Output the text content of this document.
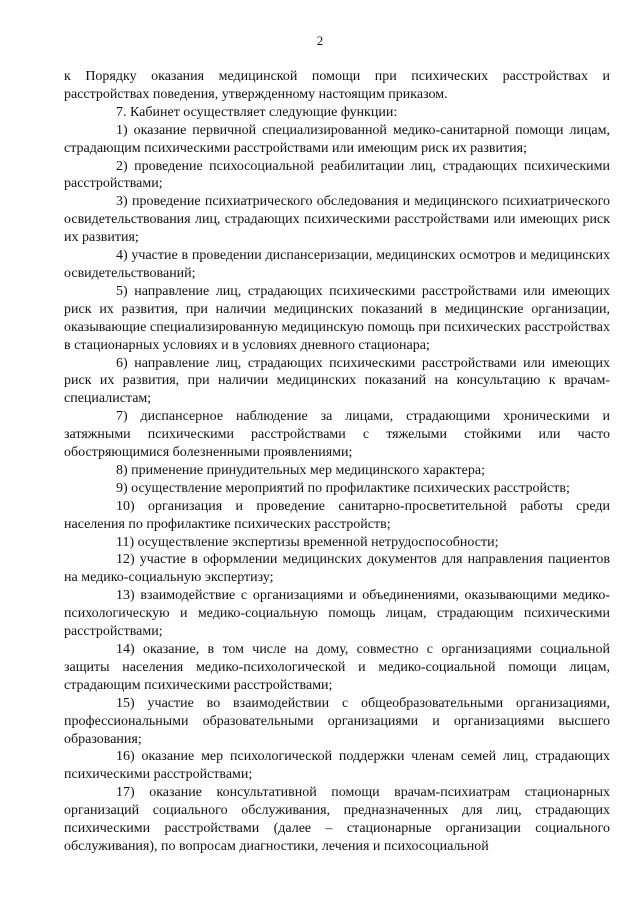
2

к Порядку оказания медицинской помощи при психических расстройствах и расстройствах поведения, утвержденному настоящим приказом.

7. Кабинет осуществляет следующие функции:

1) оказание первичной специализированной медико-санитарной помощи лицам, страдающим психическими расстройствами или имеющим риск их развития;

2) проведение психосоциальной реабилитации лиц, страдающих психическими расстройствами;

3) проведение психиатрического обследования и медицинского психиатрического освидетельствования лиц, страдающих психическими расстройствами или имеющих риск их развития;

4) участие в проведении диспансеризации, медицинских осмотров и медицинских освидетельствований;

5) направление лиц, страдающих психическими расстройствами или имеющих риск их развития, при наличии медицинских показаний в медицинские организации, оказывающие специализированную медицинскую помощь при психических расстройствах в стационарных условиях и в условиях дневного стационара;

6) направление лиц, страдающих психическими расстройствами или имеющих риск их развития, при наличии медицинских показаний на консультацию к врачам-специалистам;

7) диспансерное наблюдение за лицами, страдающими хроническими и затяжными психическими расстройствами с тяжелыми стойкими или часто обостряющимися болезненными проявлениями;

8) применение принудительных мер медицинского характера;

9) осуществление мероприятий по профилактике психических расстройств;

10) организация и проведение санитарно-просветительной работы среди населения по профилактике психических расстройств;

11) осуществление экспертизы временной нетрудоспособности;

12) участие в оформлении медицинских документов для направления пациентов на медико-социальную экспертизу;

13) взаимодействие с организациями и объединениями, оказывающими медико-психологическую и медико-социальную помощь лицам, страдающим психическими расстройствами;

14) оказание, в том числе на дому, совместно с организациями социальной защиты населения медико-психологической и медико-социальной помощи лицам, страдающим психическими расстройствами;

15) участие во взаимодействии с общеобразовательными организациями, профессиональными образовательными организациями и организациями высшего образования;

16) оказание мер психологической поддержки членам семей лиц, страдающих психическими расстройствами;

17) оказание консультативной помощи врачам-психиатрам стационарных организаций социального обслуживания, предназначенных для лиц, страдающих психическими расстройствами (далее – стационарные организации социального обслуживания), по вопросам диагностики, лечения и психосоциальной
